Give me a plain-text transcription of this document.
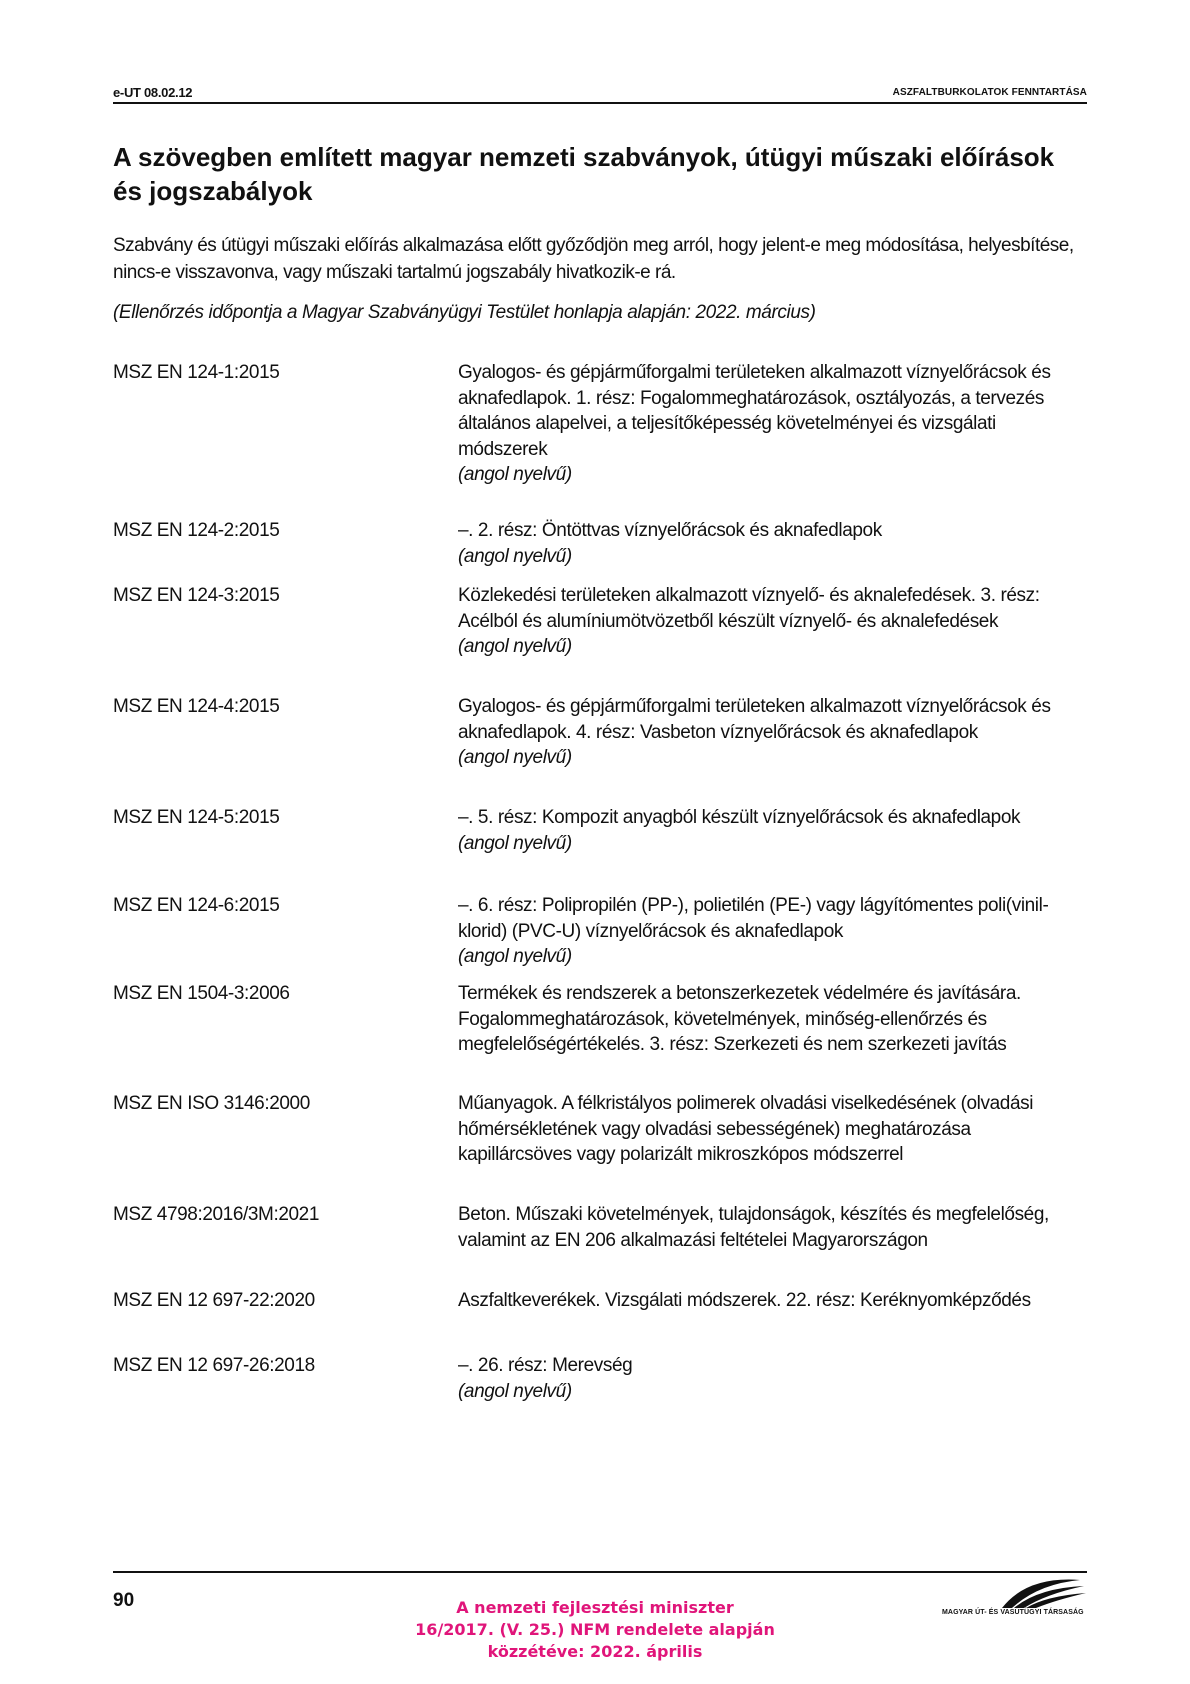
e-UT 08.02.12	ASZFALTBURKOLATOK FENNTARTÁSA
A szövegben említett magyar nemzeti szabványok, útügyi műszaki előírások és jogszabályok
Szabvány és útügyi műszaki előírás alkalmazása előtt győződjön meg arról, hogy jelent-e meg módosítása, helyesbítése, nincs-e visszavonva, vagy műszaki tartalmú jogszabály hivatkozik-e rá.
(Ellenőrzés időpontja a Magyar Szabványügyi Testület honlapja alapján: 2022. március)
MSZ EN 124-1:2015	Gyalogos- és gépjárműforgalmi területeken alkalmazott víznyelőrácsok és aknafedlapok. 1. rész: Fogalommeghatározások, osztályozás, a tervezés általános alapelvei, a teljesítőképesség követelményei és vizsgálati módszerek
(angol nyelvű)
MSZ EN 124-2:2015	–. 2. rész: Öntöttvas víznyelőrácsok és aknafedlapok
(angol nyelvű)
MSZ EN 124-3:2015	Közlekedési területeken alkalmazott víznyelő- és aknalefedések. 3. rész: Acélból és alumíniumötvözetből készült víznyelő- és aknalefedések
(angol nyelvű)
MSZ EN 124-4:2015	Gyalogos- és gépjárműforgalmi területeken alkalmazott víznyelőrácsok és aknafedlapok. 4. rész: Vasbeton víznyelőrácsok és aknafedlapok
(angol nyelvű)
MSZ EN 124-5:2015	–. 5. rész: Kompozit anyagból készült víznyelőrácsok és aknafedlapok
(angol nyelvű)
MSZ EN 124-6:2015	–. 6. rész: Polipropilén (PP-), polietilén (PE-) vagy lágyítómentes poli(vinil-klorid) (PVC-U) víznyelőrácsok és aknafedlapok
(angol nyelvű)
MSZ EN 1504-3:2006	Termékek és rendszerek a betonszerkezetek védelmére és javítására. Fogalommeghatározások, követelmények, minőség-ellenőrzés és megfelelőségértékelés. 3. rész: Szerkezeti és nem szerkezeti javítás
MSZ EN ISO 3146:2000	Műanyagok. A félkristályos polimerek olvadási viselkedésének (olvadási hőmérsékletének vagy olvadási sebességének) meghatározása kapillárcsöves vagy polarizált mikroszkópos módszerrel
MSZ 4798:2016/3M:2021	Beton. Műszaki követelmények, tulajdonságok, készítés és megfelelőség, valamint az EN 206 alkalmazási feltételei Magyarországon
MSZ EN 12 697-22:2020	Aszfaltkeverékek. Vizsgálati módszerek. 22. rész: Keréknyomképződés
MSZ EN 12 697-26:2018	–. 26. rész: Merevség
(angol nyelvű)
90	A nemzeti fejlesztési miniszter
16/2017. (V. 25.) NFM rendelete alapján
közzétéve: 2022. április
MAGYAR ÚT- ÉS VASÚTÜGYI TÁRSASÁG
